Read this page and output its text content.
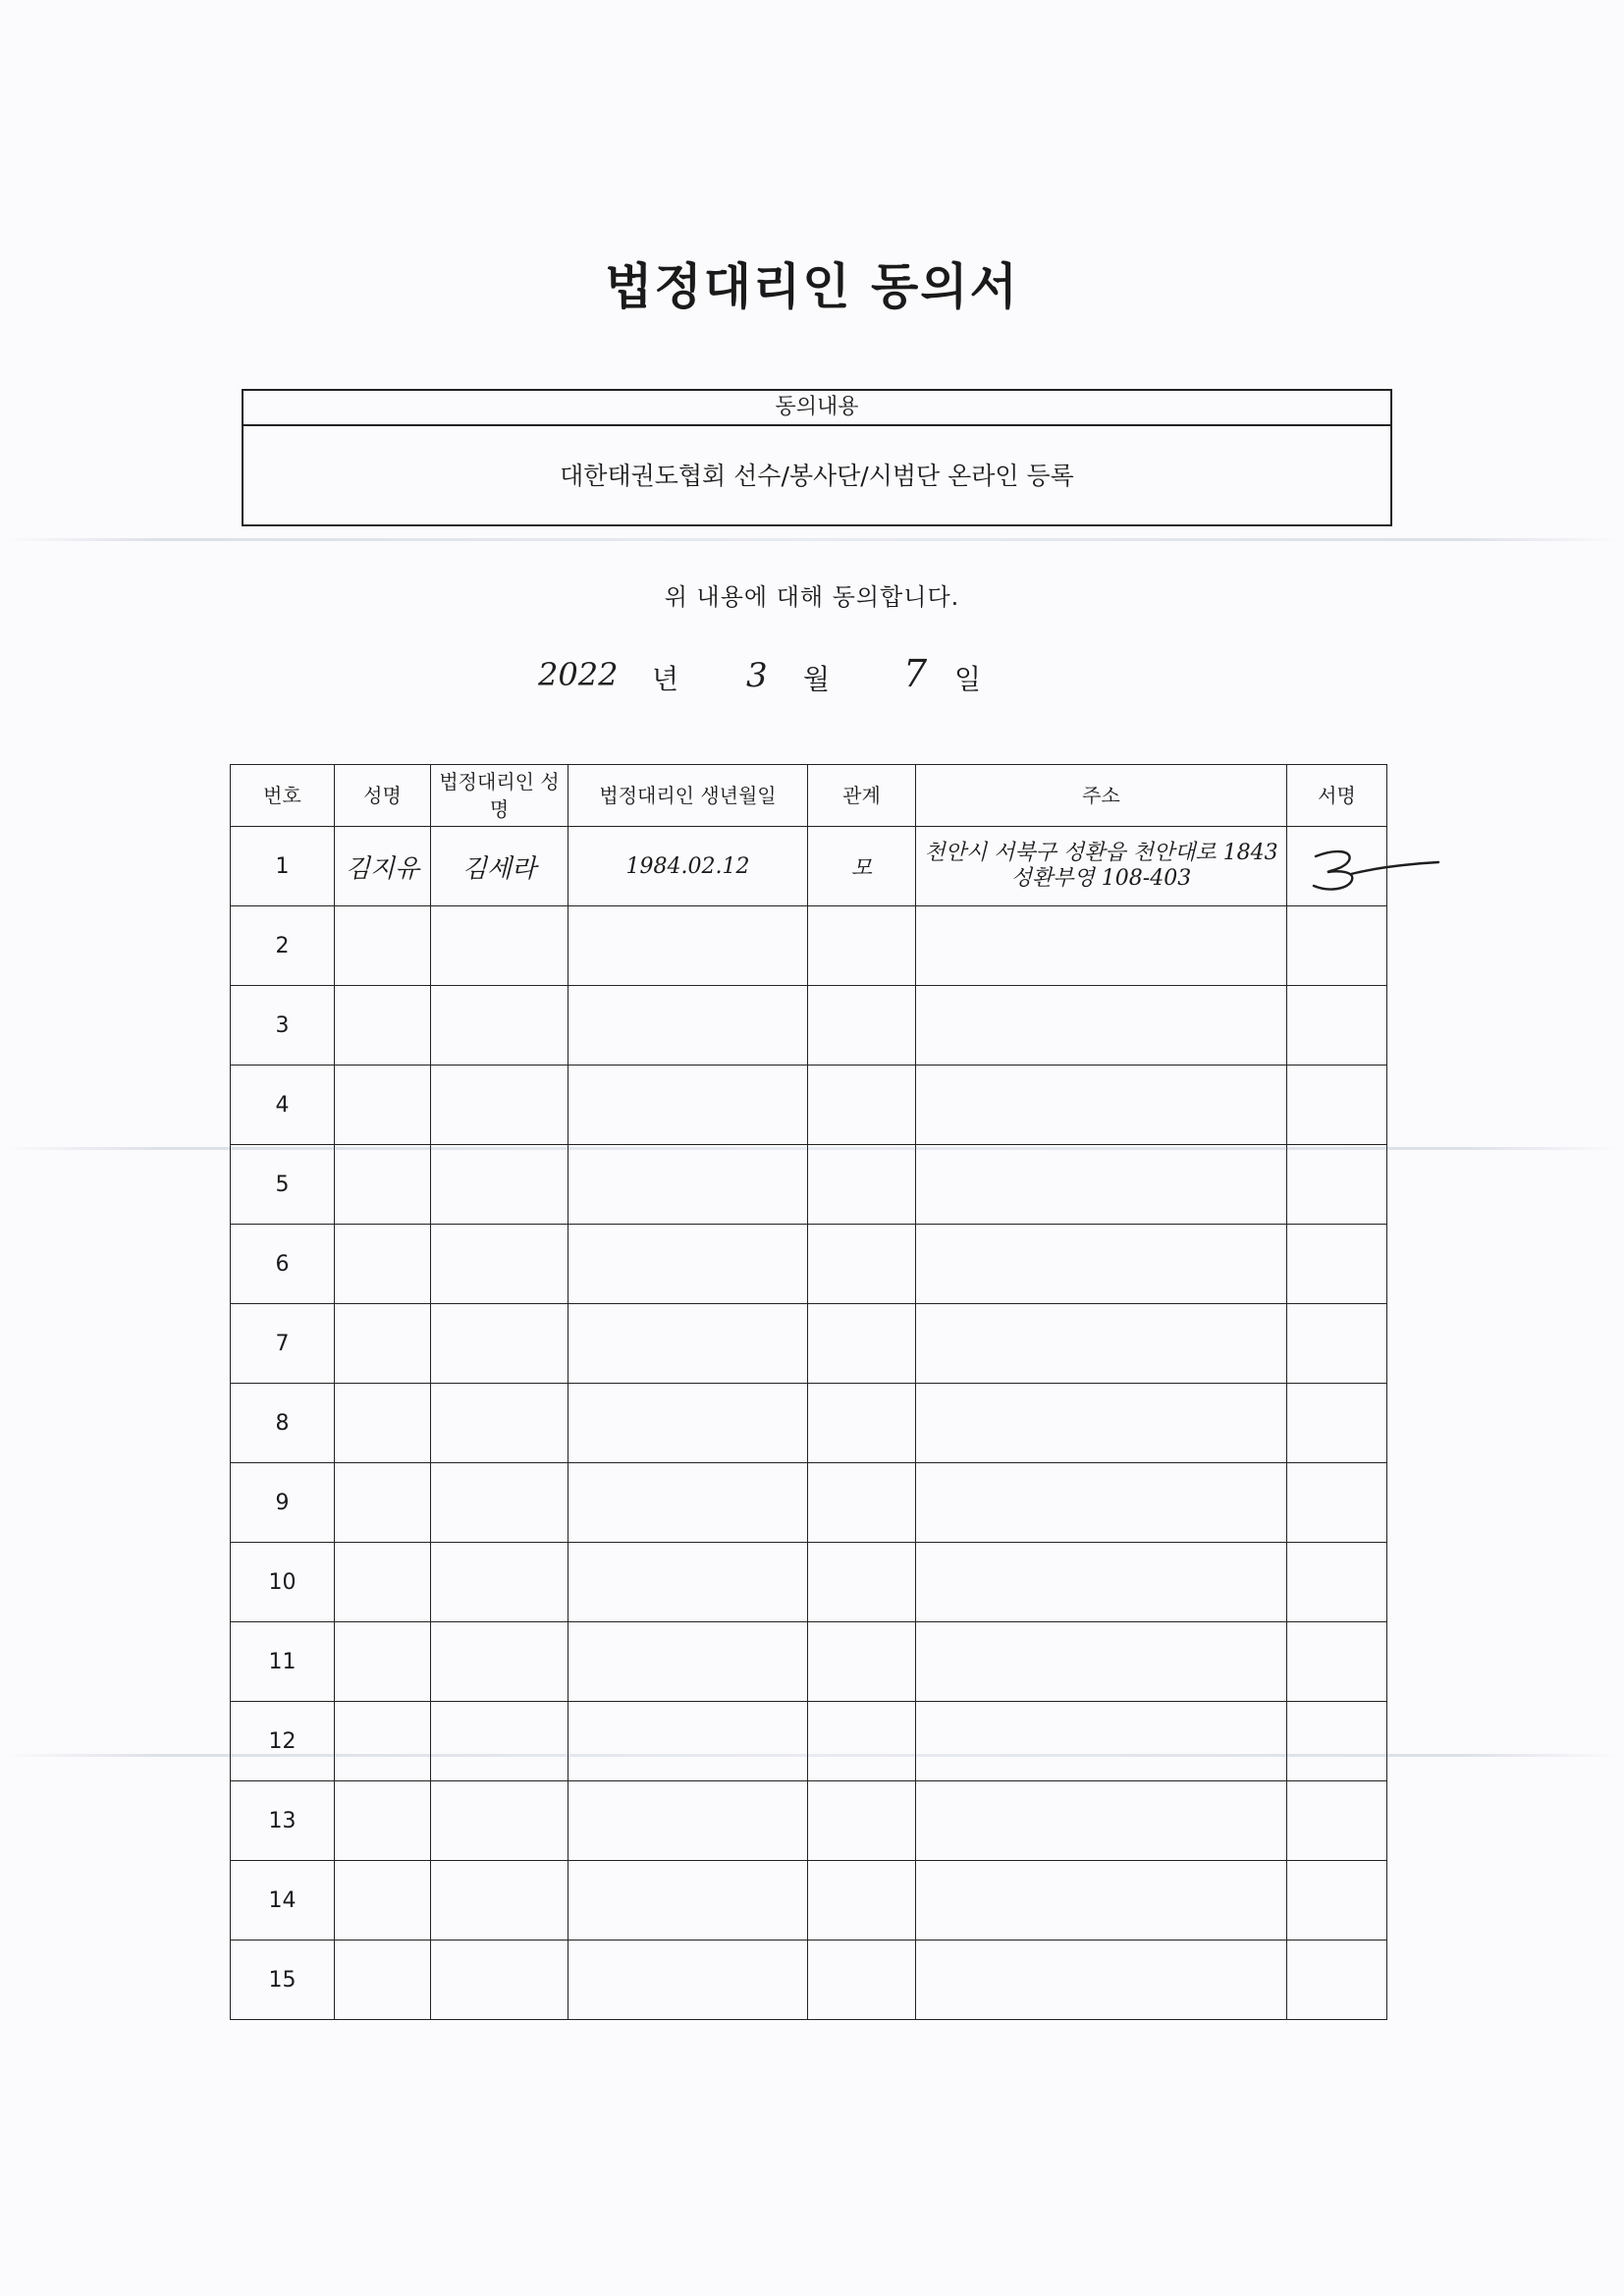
법정대리인 동의서
동의내용
대한태권도협회 선수/봉사단/시범단 온라인 등록
위 내용에 대해 동의합니다.
2022 년 3 월 7 일
번호	성명	법정대리인 성명	법정대리인 생년월일	관계	주소	서명
1	김지유	김세라	1984.02.12	모	천안시 서북구 성환읍 천안대로 1843
성환부영 108-403	

2						
3						
4						
5						
6						
7						
8						
9						
10						
11						
12						
13						
14						
15						
